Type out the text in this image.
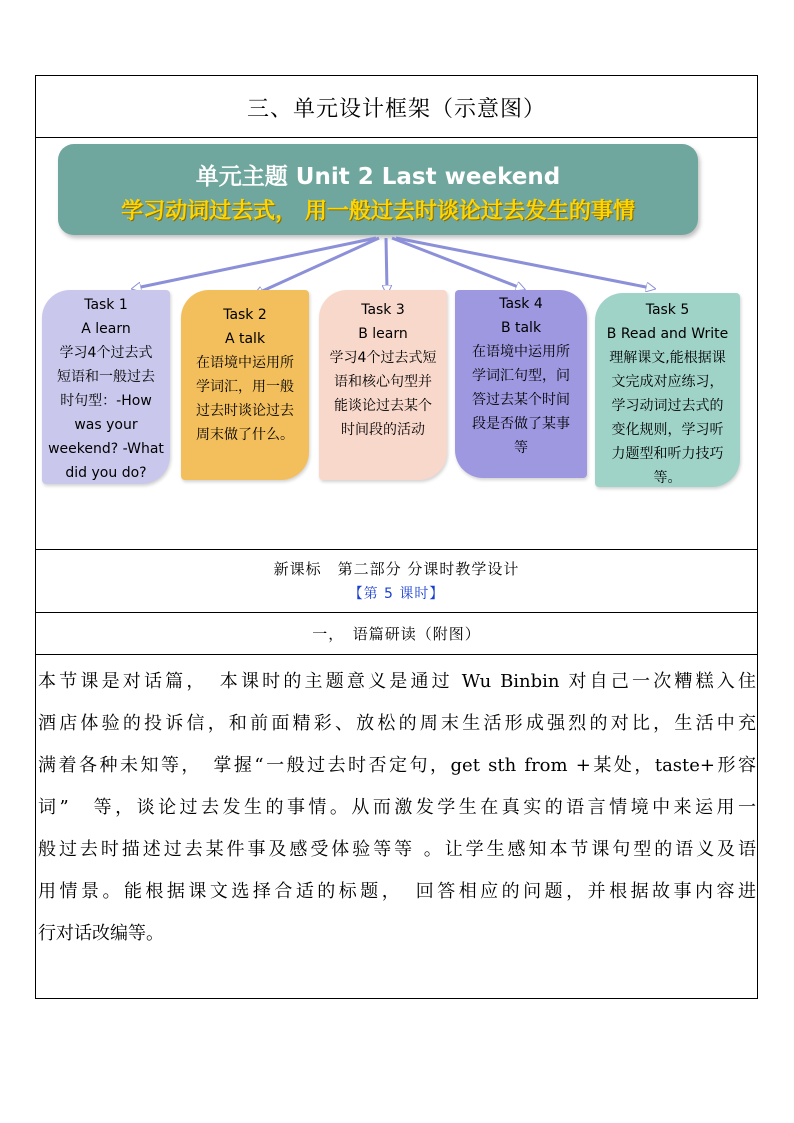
三、单元设计框架（示意图）
单元主题 Unit 2 Last weekend
学习动词过去式， 用一般过去时谈论过去发生的事情
Task 1
A learn
学习4个过去式
短语和一般过去
时句型：-How
was your
weekend? -What
did you do?
Task 2
A talk
在语境中运用所
学词汇，用一般
过去时谈论过去
周末做了什么。
Task 3
B learn
学习4个过去式短
语和核心句型并
能谈论过去某个
时间段的活动
Task 4
B talk
在语境中运用所
学词汇句型，问
答过去某个时间
段是否做了某事
等
Task 5
B Read and Write
理解课文,能根据课
文完成对应练习，
学习动词过去式的
变化规则，学习听
力题型和听力技巧
等。
新课标　第二部分 分课时教学设计
【第 5 课时】
一，　语篇研读（附图）
本节课是对话篇，　本课时的主题意义是通过 Wu Binbin 对自己一次糟糕入住
酒店体验的投诉信，和前面精彩、放松的周末生活形成强烈的对比，生活中充
满着各种未知等，　掌握“一般过去时否定句，get sth from +某处，taste+形容
词”　等，谈论过去发生的事情。从而激发学生在真实的语言情境中来运用一
般过去时描述过去某件事及感受体验等等 。让学生感知本节课句型的语义及语
用情景。能根据课文选择合适的标题，　回答相应的问题，并根据故事内容进
行对话改编等。
